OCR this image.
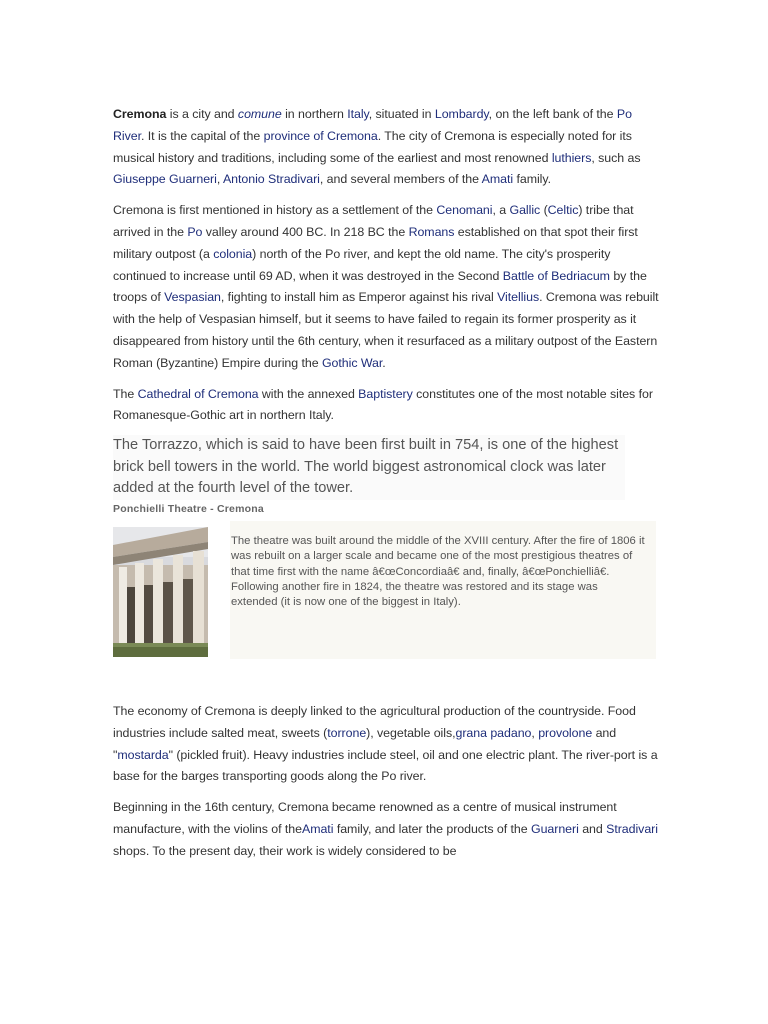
Cremona is a city and comune in northern Italy, situated in Lombardy, on the left bank of the Po River. It is the capital of the province of Cremona. The city of Cremona is especially noted for its musical history and traditions, including some of the earliest and most renowned luthiers, such as Giuseppe Guarneri, Antonio Stradivari, and several members of the Amati family.

Cremona is first mentioned in history as a settlement of the Cenomani, a Gallic (Celtic) tribe that arrived in the Po valley around 400 BC. In 218 BC the Romans established on that spot their first military outpost (a colonia) north of the Po river, and kept the old name. The city's prosperity continued to increase until 69 AD, when it was destroyed in the Second Battle of Bedriacum by the troops of Vespasian, fighting to install him as Emperor against his rival Vitellius. Cremona was rebuilt with the help of Vespasian himself, but it seems to have failed to regain its former prosperity as it disappeared from history until the 6th century, when it resurfaced as a military outpost of the Eastern Roman (Byzantine) Empire during the Gothic War.

The Cathedral of Cremona with the annexed Baptistery constitutes one of the most notable sites for Romanesque-Gothic art in northern Italy.

The Torrazzo, which is said to have been first built in 754, is one of the highest brick bell towers in the world. The world biggest astronomical clock was later added at the fourth level of the tower.
Ponchielli Theatre - Cremona
The theatre was built around the middle of the XVIII century. After the fire of 1806 it was rebuilt on a larger scale and became one of the most prestigious theatres of that time first with the name â€œConcordiaâ€ and, finally, â€œPonchielliâ€. Following another fire in 1824, the theatre was restored and its stage was extended (it is now one of the biggest in Italy).

The economy of Cremona is deeply linked to the agricultural production of the countryside. Food industries include salted meat, sweets (torrone), vegetable oils,grana padano, provolone and "mostarda" (pickled fruit). Heavy industries include steel, oil and one electric plant. The river-port is a base for the barges transporting goods along the Po river.

Beginning in the 16th century, Cremona became renowned as a centre of musical instrument manufacture, with the violins of theAmati family, and later the products of the Guarneri and Stradivari shops. To the present day, their work is widely considered to be
